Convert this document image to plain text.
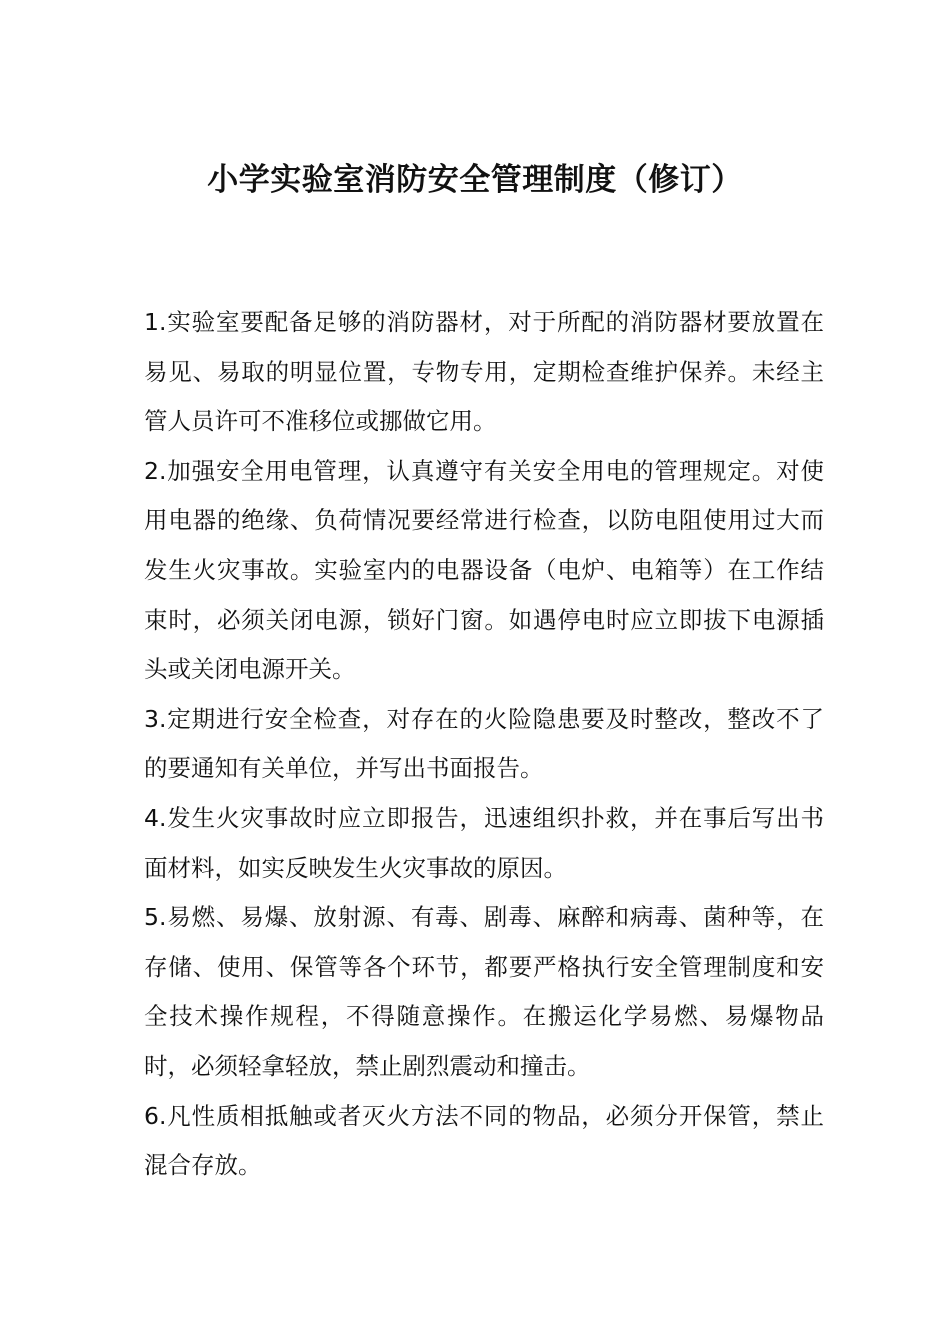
小学实验室消防安全管理制度（修订）

1.实验室要配备足够的消防器材，对于所配的消防器材要放置在易见、易取的明显位置，专物专用，定期检查维护保养。未经主管人员许可不准移位或挪做它用。

2.加强安全用电管理，认真遵守有关安全用电的管理规定。对使用电器的绝缘、负荷情况要经常进行检查，以防电阻使用过大而发生火灾事故。实验室内的电器设备（电炉、电箱等）在工作结束时，必须关闭电源，锁好门窗。如遇停电时应立即拔下电源插头或关闭电源开关。

3.定期进行安全检查，对存在的火险隐患要及时整改，整改不了的要通知有关单位，并写出书面报告。

4.发生火灾事故时应立即报告，迅速组织扑救，并在事后写出书面材料，如实反映发生火灾事故的原因。

5.易燃、易爆、放射源、有毒、剧毒、麻醉和病毒、菌种等，在存储、使用、保管等各个环节，都要严格执行安全管理制度和安全技术操作规程，不得随意操作。在搬运化学易燃、易爆物品时，必须轻拿轻放，禁止剧烈震动和撞击。

6.凡性质相抵触或者灭火方法不同的物品，必须分开保管，禁止混合存放。
